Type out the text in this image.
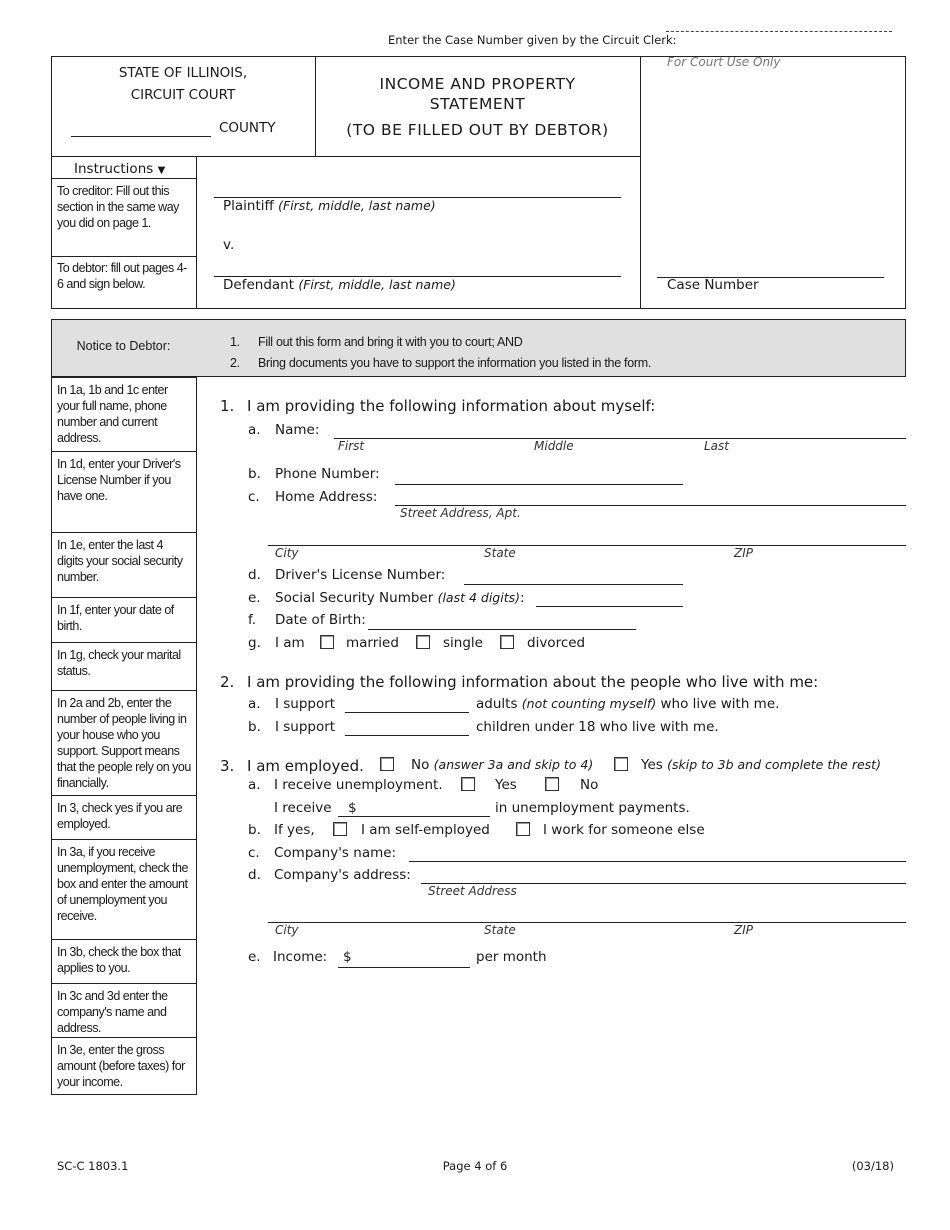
Enter the Case Number given by the Circuit Clerk:
STATE OF ILLINOIS,
CIRCUIT COURT
COUNTY
INCOME AND PROPERTY
STATEMENT
(TO BE FILLED OUT BY DEBTOR)
For Court Use Only
Case Number
Instructions ▼
To creditor: Fill out this section in the same way you did on page 1.
To debtor: fill out pages 4-6 and sign below.
Plaintiff (First, middle, last name)
v.
Defendant (First, middle, last name)
Notice to Debtor:	1. Fill out this form and bring it with you to court; AND
2. Bring documents you have to support the information you listed in the form.
In 1a, 1b and 1c enter your full name, phone number and current address.
In 1d, enter your Driver's License Number if you have one.
In 1e, enter the last 4 digits your social security number.
In 1f, enter your date of birth.
In 1g, check your marital status.
In 2a and 2b, enter the number of people living in your house who you support. Support means that the people rely on you financially.
In 3, check yes if you are employed.
In 3a, if you receive unemployment, check the box and enter the amount of unemployment you receive.
In 3b, check the box that applies to you.
In 3c and 3d enter the company's name and address.
In 3e, enter the gross amount (before taxes) for your income.
1. I am providing the following information about myself:
a. Name:
First	Middle	Last
b. Phone Number:
c. Home Address:
Street Address, Apt.
City	State	ZIP
d. Driver's License Number:
e. Social Security Number (last 4 digits):
f. Date of Birth:
g. I am	married	single	divorced
2. I am providing the following information about the people who live with me:
a. I support	adults (not counting myself) who live with me.
b. I support	children under 18 who live with me.
3. I am employed.	No (answer 3a and skip to 4)	Yes (skip to 3b and complete the rest)
a. I receive unemployment.	Yes	No
I receive $	in unemployment payments.
b. If yes,	I am self-employed	I work for someone else
c. Company's name:
d. Company's address:
Street Address
City	State	ZIP
e. Income: $	per month
SC-C 1803.1	Page 4 of 6	(03/18)
